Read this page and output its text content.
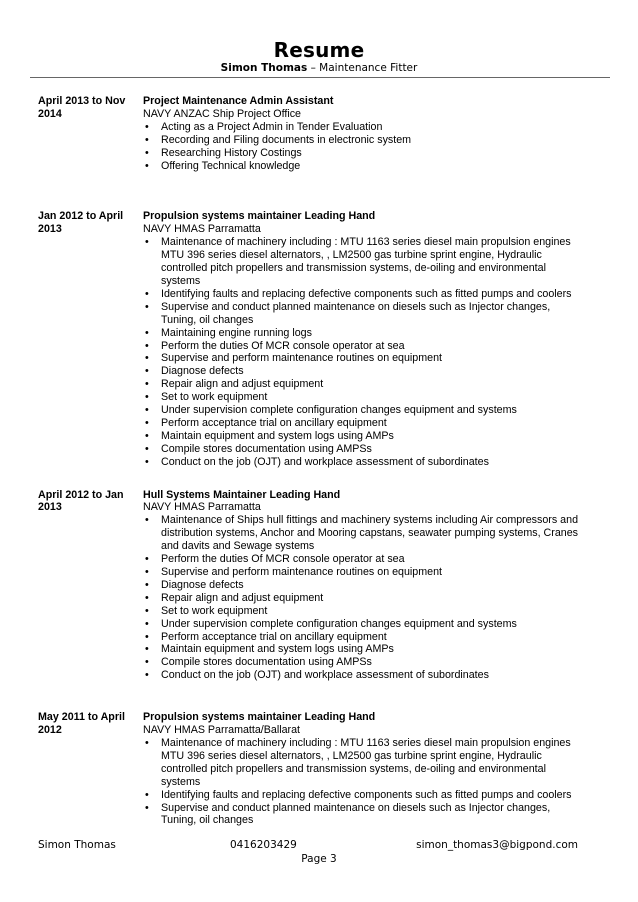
Resume
Simon Thomas – Maintenance Fitter
April 2013 to Nov 2014
Project Maintenance Admin Assistant
NAVY ANZAC Ship Project Office
• Acting as a Project Admin in Tender Evaluation
• Recording and Filing documents in electronic system
• Researching History Costings
• Offering Technical knowledge
Jan 2012 to April 2013
Propulsion systems maintainer Leading Hand
NAVY HMAS Parramatta
• Maintenance of machinery including : MTU 1163 series diesel main propulsion engines MTU 396 series diesel alternators, , LM2500 gas turbine sprint engine, Hydraulic controlled pitch propellers and transmission systems, de-oiling and environmental systems
• Identifying faults and replacing defective components such as fitted pumps and coolers
• Supervise and conduct planned maintenance on diesels such as Injector changes, Tuning, oil changes
• Maintaining engine running logs
• Perform the duties Of MCR console operator at sea
• Supervise and perform maintenance routines on equipment
• Diagnose defects
• Repair align and adjust equipment
• Set to work equipment
• Under supervision complete configuration changes equipment and systems
• Perform acceptance trial on ancillary equipment
• Maintain equipment and system logs using AMPs
• Compile stores documentation using AMPSs
• Conduct on the job (OJT) and workplace assessment of subordinates
April 2012 to Jan 2013
Hull Systems Maintainer Leading Hand
NAVY HMAS Parramatta
• Maintenance of Ships hull fittings and machinery systems including Air compressors and distribution systems, Anchor and Mooring capstans, seawater pumping systems, Cranes and davits and Sewage systems
• Perform the duties Of MCR console operator at sea
• Supervise and perform maintenance routines on equipment
• Diagnose defects
• Repair align and adjust equipment
• Set to work equipment
• Under supervision complete configuration changes equipment and systems
• Perform acceptance trial on ancillary equipment
• Maintain equipment and system logs using AMPs
• Compile stores documentation using AMPSs
• Conduct on the job (OJT) and workplace assessment of subordinates
May 2011 to April 2012
Propulsion systems maintainer Leading Hand
NAVY HMAS Parramatta/Ballarat
• Maintenance of machinery including : MTU 1163 series diesel main propulsion engines MTU 396 series diesel alternators, , LM2500 gas turbine sprint engine, Hydraulic controlled pitch propellers and transmission systems, de-oiling and environmental systems
• Identifying faults and replacing defective components such as fitted pumps and coolers
• Supervise and conduct planned maintenance on diesels such as Injector changes, Tuning, oil changes
Simon Thomas	0416203429	simon_thomas3@bigpond.com
Page 3
